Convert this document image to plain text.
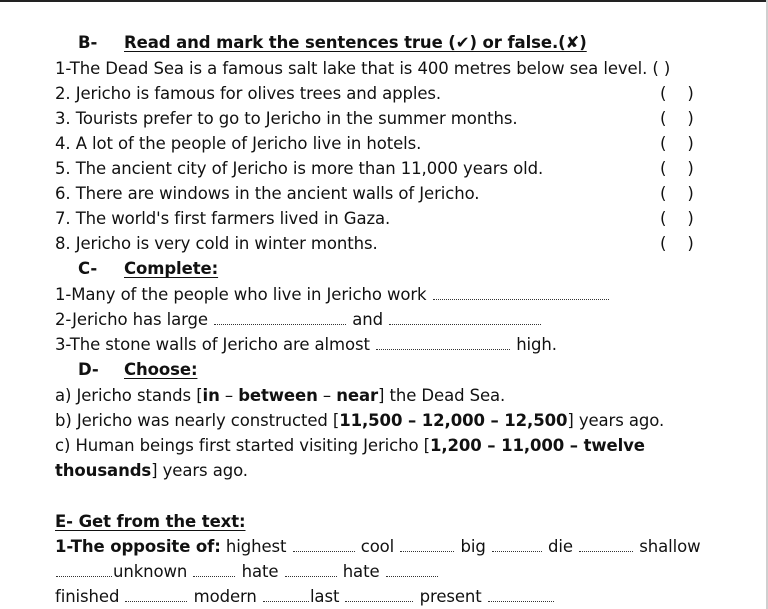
B- Read and mark the sentences true (✔) or false.(✘)
1-The Dead Sea is a famous salt lake that is 400 metres below sea level. ( )
2. Jericho is famous for olives trees and apples.	(    )
3. Tourists prefer to go to Jericho in the summer months.	(    )
4. A lot of the people of Jericho live in hotels.	(    )
5. The ancient city of Jericho is more than 11,000 years old.	(    )
6. There are windows in the ancient walls of Jericho.	(    )
7. The world's first farmers lived in Gaza.	(    )
8. Jericho is very cold in winter months.	(    )
C- Complete:
1-Many of the people who live in Jericho work
2-Jericho has large	and
3-The stone walls of Jericho are almost	high.
D- Choose:
a) Jericho stands [in – between – near] the Dead Sea.
b) Jericho was nearly constructed [11,500 – 12,000 – 12,500] years ago.
c) Human beings first started visiting Jericho [1,200 – 11,000 – twelve
thousands] years ago.
E- Get from the text:
1-The opposite of: highest	cool	big	die	shallow
unknown	hate	hate
finished	modern	last	present
